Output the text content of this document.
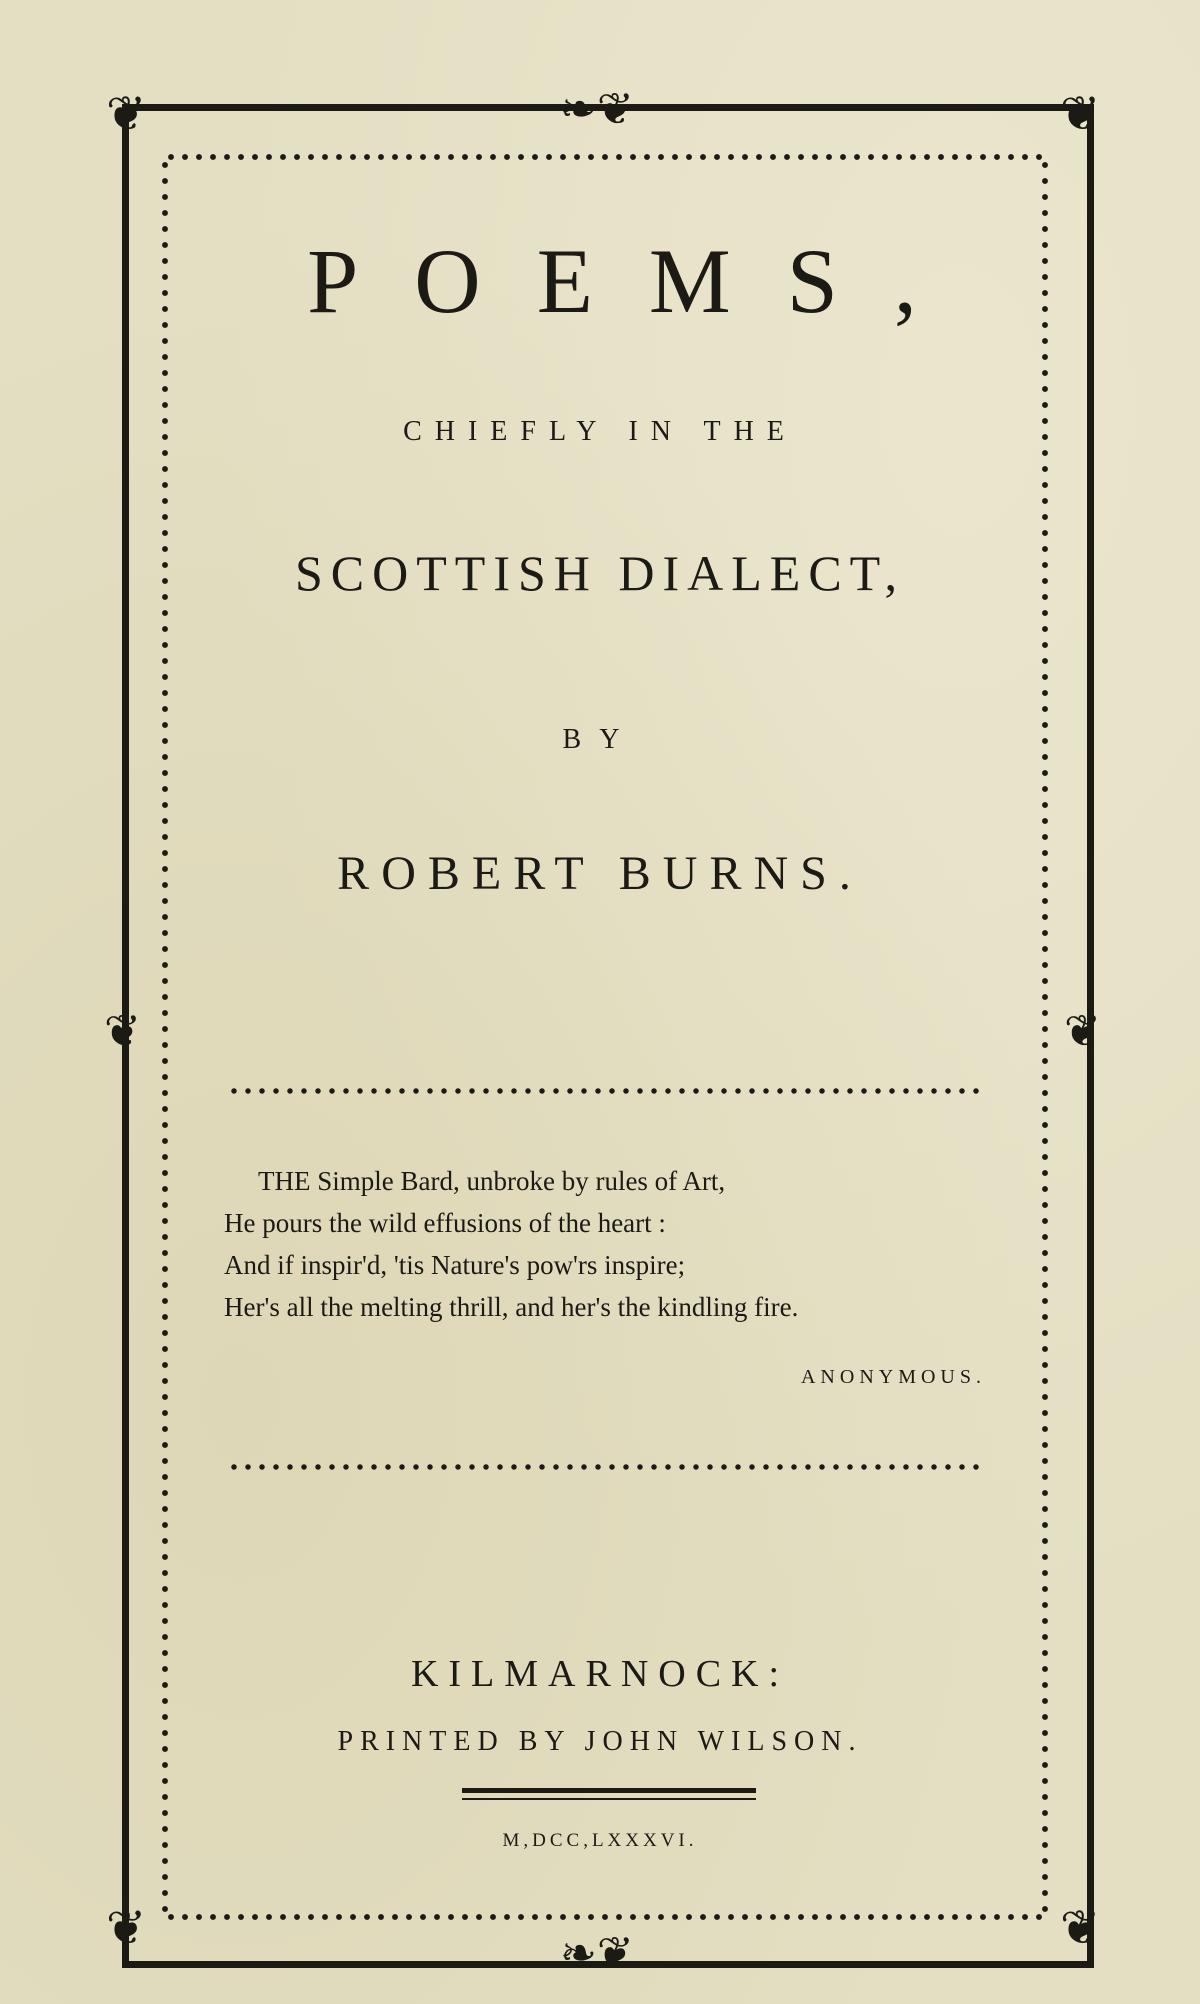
❦	❦
❦	❦
❧❦
❧❦
❦	❦
POEMS,
CHIEFLY IN THE
SCOTTISH DIALECT,
BY
ROBERT BURNS.
THE Simple Bard, unbroke by rules of Art,
He pours the wild effusions of the heart :
And if inspir'd, 'tis Nature's pow'rs inspire;
Her's all the melting thrill, and her's the kindling fire.
ANONYMOUS.
KILMARNOCK:
PRINTED BY JOHN WILSON.
M,DCC,LXXXVI.
